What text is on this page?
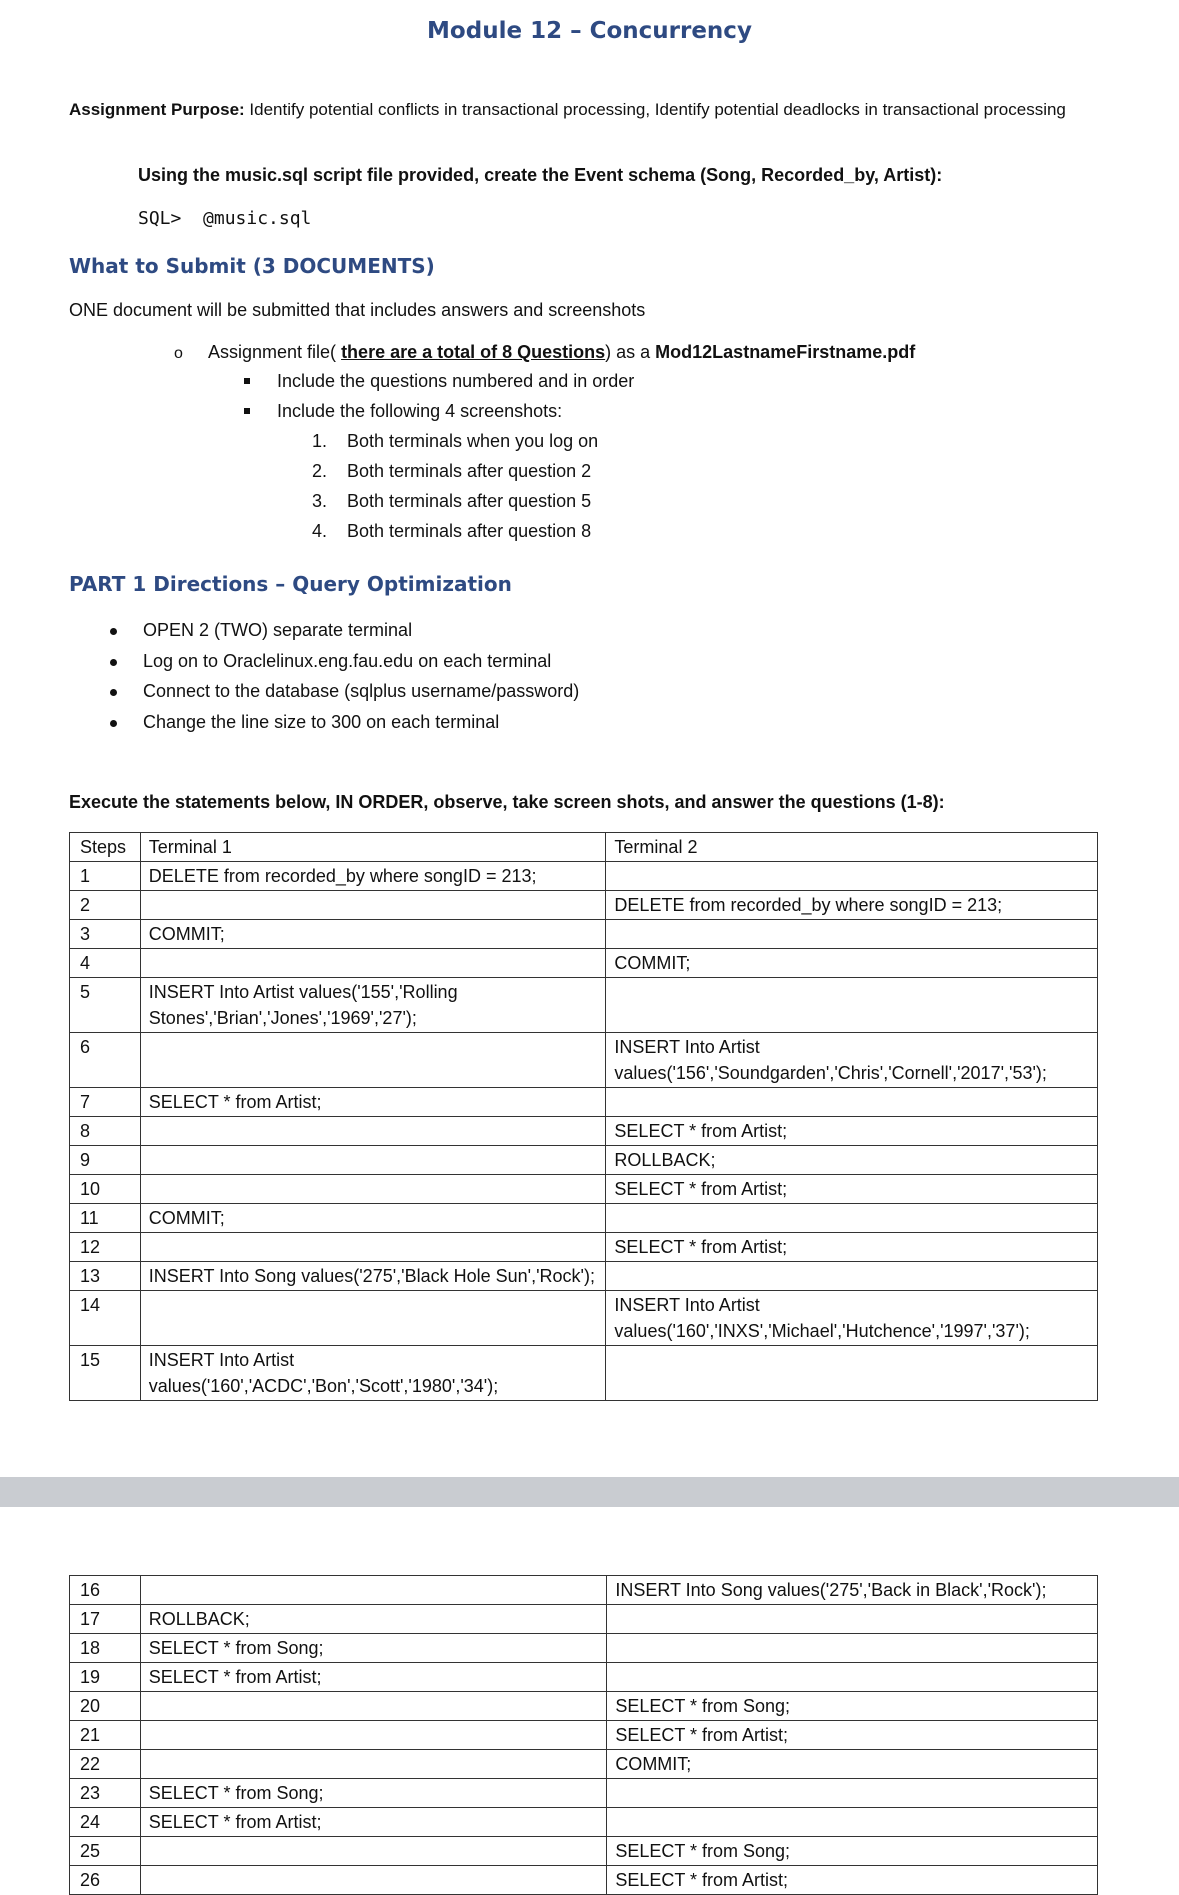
Module 12 – Concurrency
Assignment Purpose: Identify potential conflicts in transactional processing, Identify potential deadlocks in transactional processing
Using the music.sql script file provided, create the Event schema (Song, Recorded_by, Artist):
SQL>  @music.sql
What to Submit (3 DOCUMENTS)
ONE document will be submitted that includes answers and screenshots
o Assignment file( there are a total of 8 Questions) as a Mod12LastnameFirstname.pdf
Include the questions numbered and in order
Include the following 4 screenshots:
1. Both terminals when you log on
2. Both terminals after question 2
3. Both terminals after question 5
4. Both terminals after question 8
PART 1 Directions – Query Optimization
OPEN 2 (TWO) separate terminal
Log on to Oraclelinux.eng.fau.edu on each terminal
Connect to the database (sqlplus username/password)
Change the line size to 300 on each terminal
Execute the statements below, IN ORDER, observe, take screen shots, and answer the questions (1-8):
Steps	Terminal 1	Terminal 2
1	DELETE from recorded_by where songID = 213;	
2		DELETE from recorded_by where songID = 213;
3	COMMIT;	
4		COMMIT;
5	INSERT Into Artist values('155','Rolling Stones','Brian','Jones','1969','27');	
6		INSERT Into Artist values('156','Soundgarden','Chris','Cornell','2017','53');
7	SELECT * from Artist;	
8		SELECT * from Artist;
9		ROLLBACK;
10		SELECT * from Artist;
11	COMMIT;	
12		SELECT * from Artist;
13	INSERT Into Song values('275','Black Hole Sun','Rock');	
14		INSERT Into Artist values('160','INXS','Michael','Hutchence','1997','37');
15	INSERT Into Artist values('160','ACDC','Bon','Scott','1980','34');	
16		INSERT Into Song values('275','Back in Black','Rock');
17	ROLLBACK;	
18	SELECT * from Song;	
19	SELECT * from Artist;	
20		SELECT * from Song;
21		SELECT * from Artist;
22		COMMIT;
23	SELECT * from Song;	
24	SELECT * from Artist;	
25		SELECT * from Song;
26		SELECT * from Artist;
